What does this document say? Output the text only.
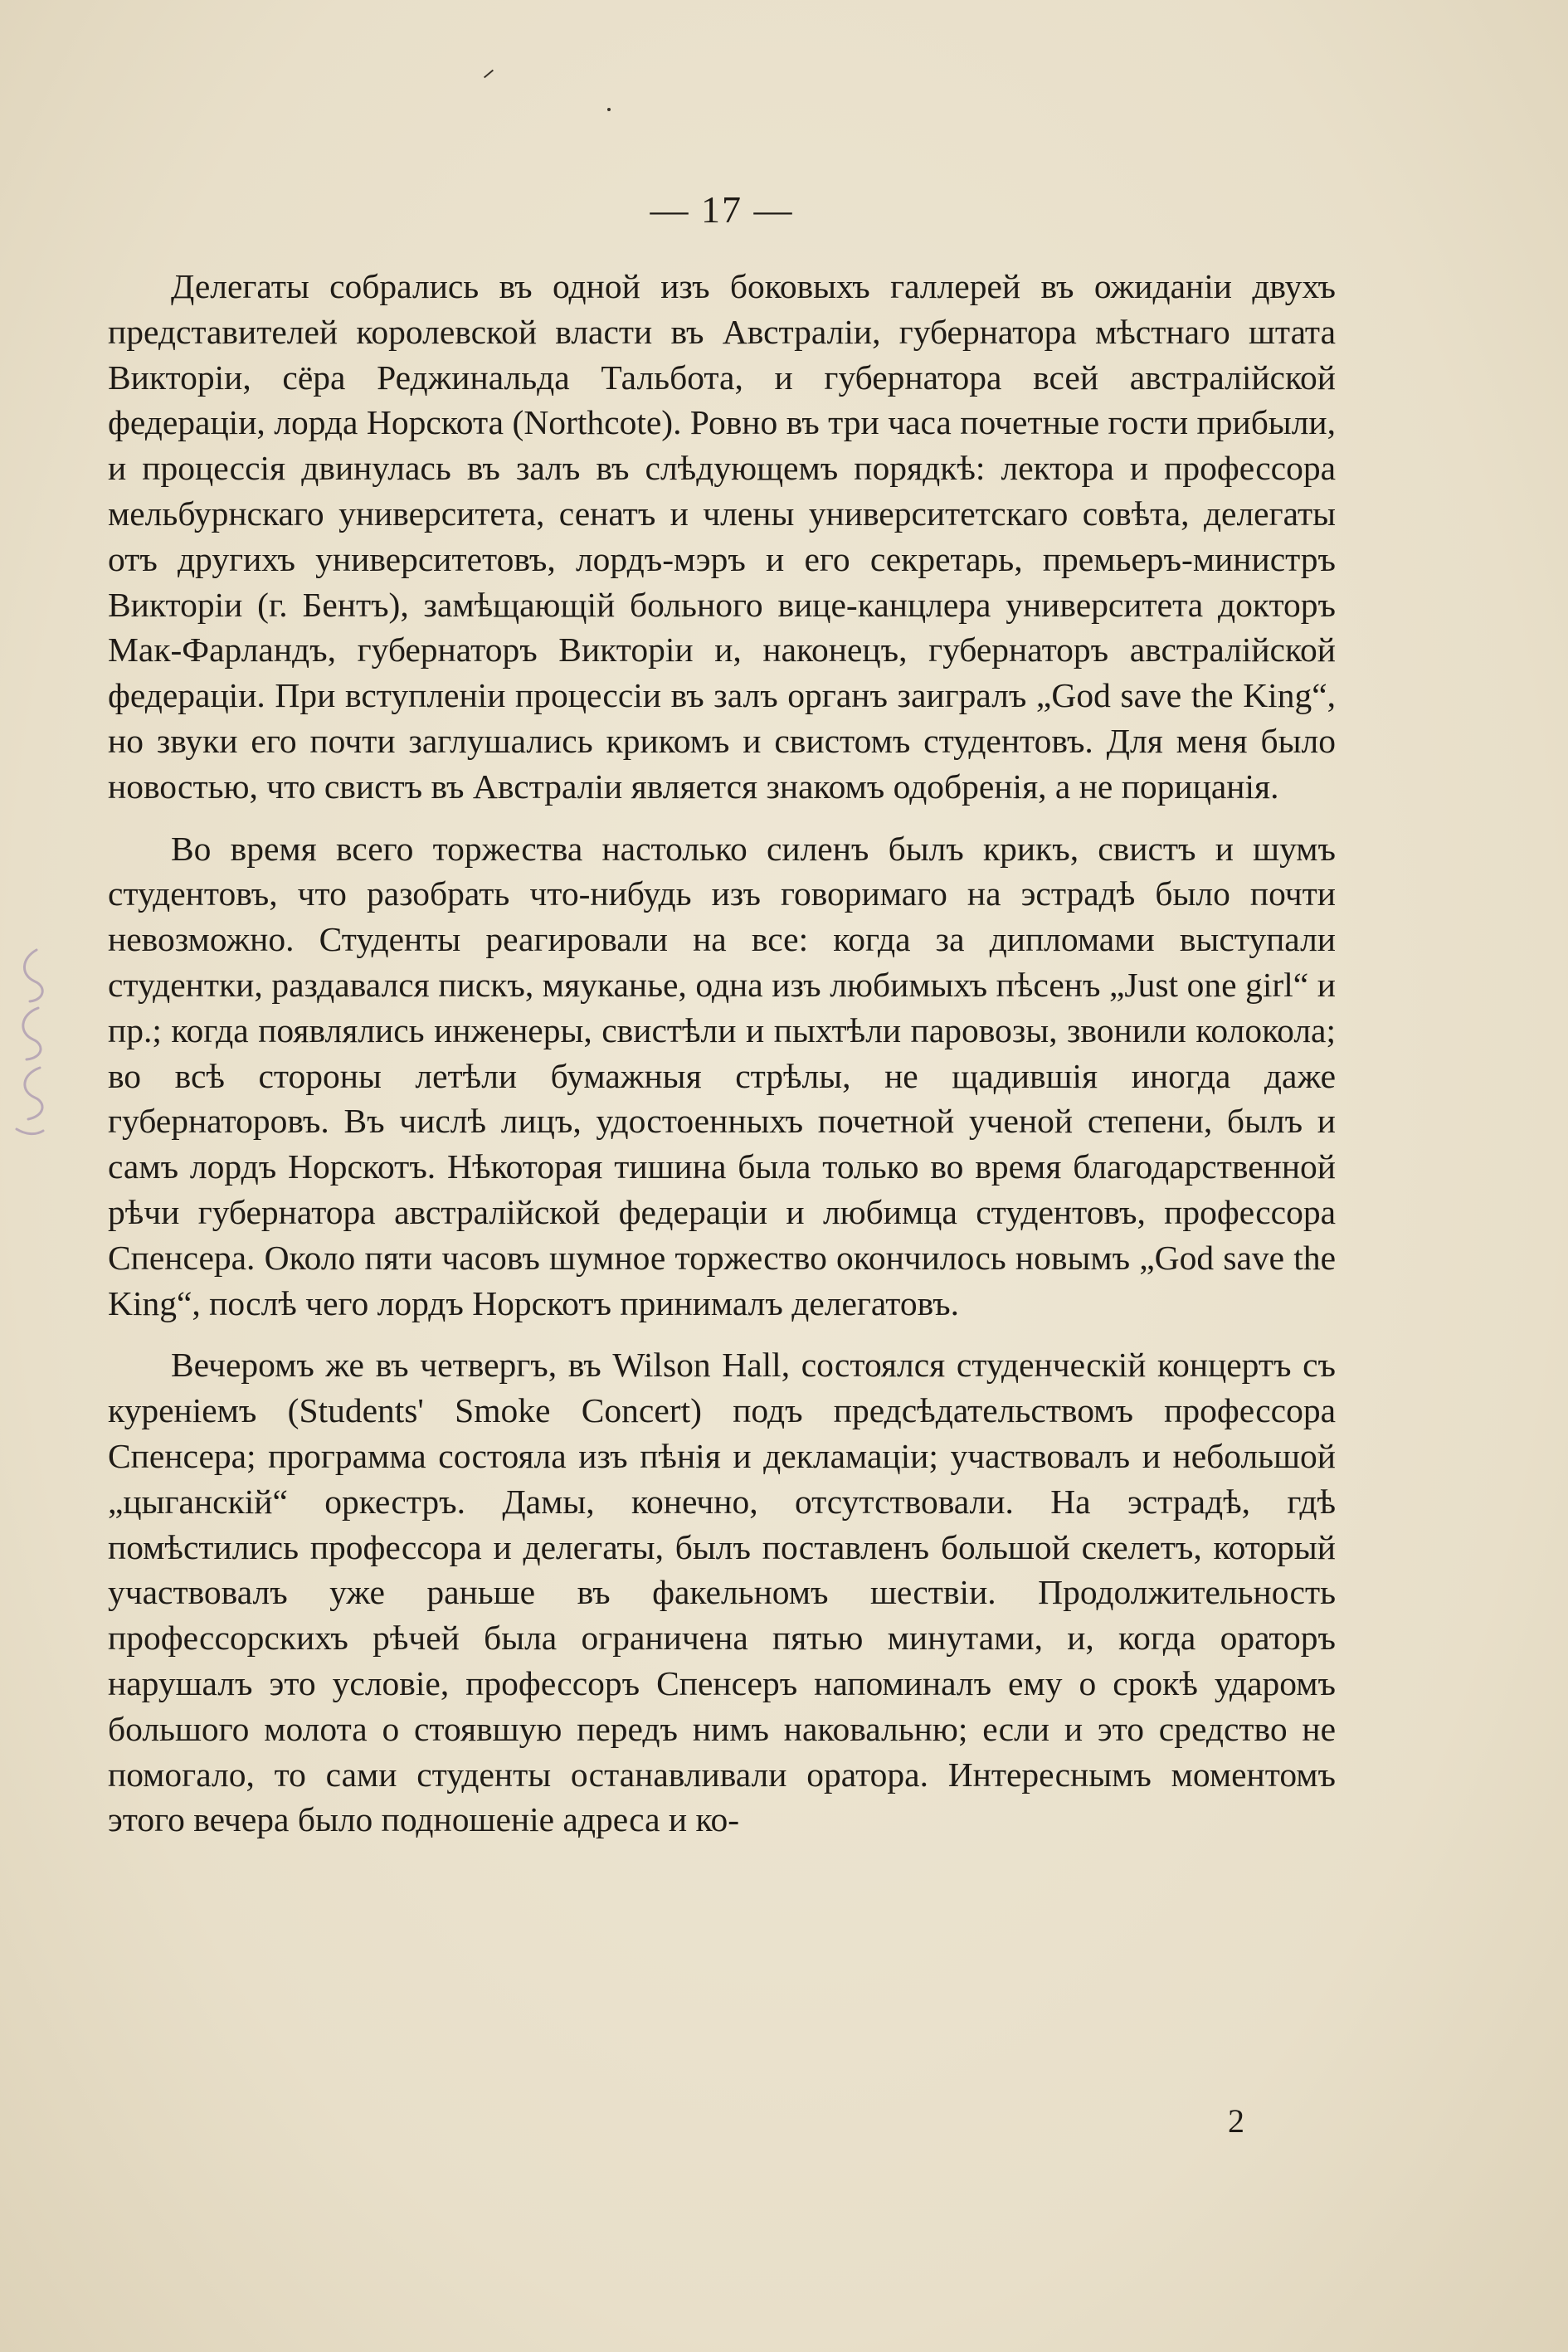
— 17 —

Делегаты собрались въ одной изъ боковыхъ галлерей въ ожиданіи двухъ представителей королевской власти въ Австраліи, губернатора мѣстнаго штата Викторіи, сёра Реджинальда Тальбота, и губернатора всей австралійской федераціи, лорда Норскота (Northcote). Ровно въ три часа почетные гости прибыли, и процессія двинулась въ залъ въ слѣдующемъ порядкѣ: лектора и профессора мельбурнскаго университета, сенатъ и члены университетскаго совѣта, делегаты отъ другихъ университетовъ, лордъ-мэръ и его секретарь, премьеръ-министръ Викторіи (г. Бентъ), замѣщающій больного вице-канцлера университета докторъ Мак-Фарландъ, губернаторъ Викторіи и, наконецъ, губернаторъ австралійской федераціи. При вступленіи процессіи въ залъ органъ заигралъ „God save the King“, но звуки его почти заглушались крикомъ и свистомъ студентовъ. Для меня было новостью, что свистъ въ Австраліи является знакомъ одобренія, а не порицанія.

Во время всего торжества настолько силенъ былъ крикъ, свистъ и шумъ студентовъ, что разобрать что-нибудь изъ говоримаго на эстрадѣ было почти невозможно. Студенты реагировали на все: когда за дипломами выступали студентки, раздавался пискъ, мяуканье, одна изъ любимыхъ пѣсенъ „Just one girl“ и пр.; когда появлялись инженеры, свистѣли и пыхтѣли паровозы, звонили колокола; во всѣ стороны летѣли бумажныя стрѣлы, не щадившія иногда даже губернаторовъ. Въ числѣ лицъ, удостоенныхъ почетной ученой степени, былъ и самъ лордъ Норскотъ. Нѣкоторая тишина была только во время благодарственной рѣчи губернатора австралійской федераціи и любимца студентовъ, профессора Спенсера. Около пяти часовъ шумное торжество окончилось новымъ „God save the King“, послѣ чего лордъ Норскотъ принималъ делегатовъ.

Вечеромъ же въ четвергъ, въ Wilson Hall, состоялся студенческій концертъ съ куреніемъ (Students' Smoke Concert) подъ предсѣдательствомъ профессора Спенсера; программа состояла изъ пѣнія и декламаціи; участвовалъ и небольшой „цыганскій“ оркестръ. Дамы, конечно, отсутствовали. На эстрадѣ, гдѣ помѣстились профессора и делегаты, былъ поставленъ большой скелетъ, который участвовалъ уже раньше въ факельномъ шествіи. Продолжительность профессорскихъ рѣчей была ограничена пятью минутами, и, когда ораторъ нарушалъ это условіе, профессоръ Спенсеръ напоминалъ ему о срокѣ ударомъ большого молота о стоявшую передъ нимъ наковальню; если и это средство не помогало, то сами студенты останавливали оратора. Интереснымъ моментомъ этого вечера было подношеніе адреса и ко-

2
